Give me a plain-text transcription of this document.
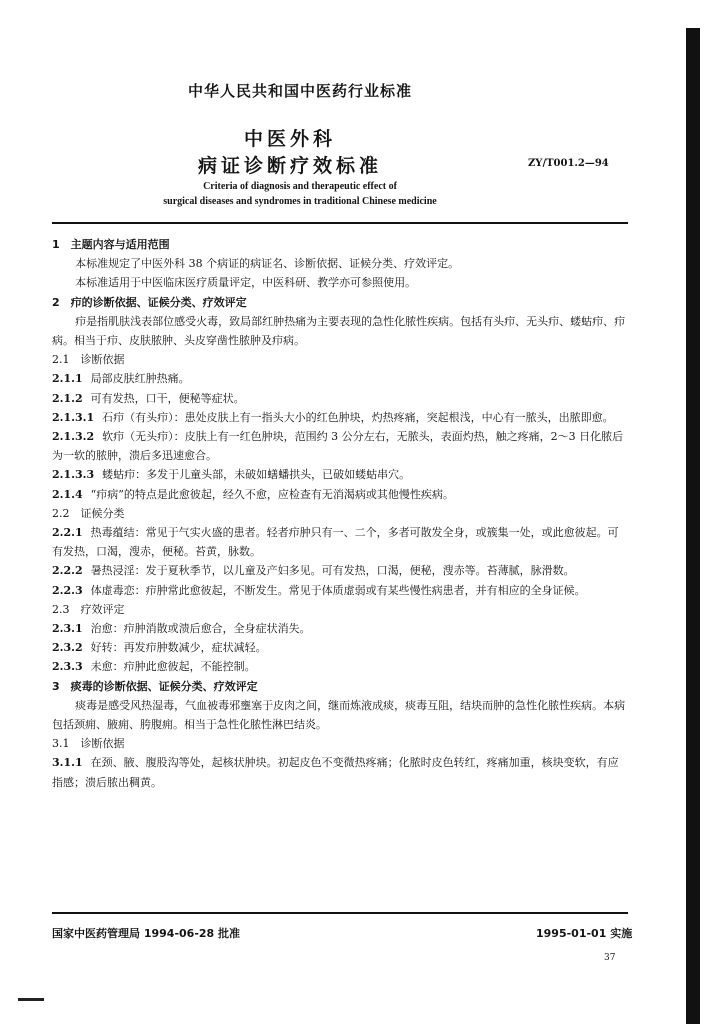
中华人民共和国中医药行业标准
中医外科
病证诊断疗效标准	ZY/T001.2—94
Criteria of diagnosis and therapeutic effect of
surgical diseases and syndromes in traditional Chinese medicine

1　主题内容与适用范围

本标准规定了中医外科 38 个病证的病证名、诊断依据、证候分类、疗效评定。

本标准适用于中医临床医疗质量评定，中医科研、教学亦可参照使用。

2　疖的诊断依据、证候分类、疗效评定

疖是指肌肤浅表部位感受火毒，致局部红肿热痛为主要表现的急性化脓性疾病。包括有头疖、无头疖、蝼蛄疖、疖病。相当于疖、皮肤脓肿、头皮穿凿性脓肿及疖病。

2.1　诊断依据

2.1.1 局部皮肤红肿热痛。

2.1.2 可有发热，口干，便秘等症状。

2.1.3.1 石疖（有头疖）：患处皮肤上有一指头大小的红色肿块，灼热疼痛，突起根浅，中心有一脓头，出脓即愈。

2.1.3.2 软疖（无头疖）：皮肤上有一红色肿块，范围约 3 公分左右，无脓头，表面灼热，触之疼痛，2～3 日化脓后为一软的脓肿，溃后多迅速愈合。

2.1.3.3 蝼蛄疖：多发于儿童头部，未破如蟮蟠拱头，已破如蝼蛄串穴。

2.1.4 “疖病”的特点是此愈彼起，经久不愈，应检查有无消渴病或其他慢性疾病。

2.2　证候分类

2.2.1 热毒蕴结：常见于气实火盛的患者。轻者疖肿只有一、二个，多者可散发全身，或簇集一处，或此愈彼起。可有发热，口渴，溲赤，便秘。苔黄，脉数。

2.2.2 暑热浸淫：发于夏秋季节，以儿童及产妇多见。可有发热，口渴，便秘，溲赤等。苔薄腻，脉滑数。

2.2.3 体虚毒恋：疖肿常此愈彼起，不断发生。常见于体质虚弱或有某些慢性病患者，并有相应的全身证候。

2.3　疗效评定

2.3.1 治愈：疖肿消散或溃后愈合，全身症状消失。

2.3.2 好转：再发疖肿数减少，症状减轻。

2.3.3 未愈：疖肿此愈彼起，不能控制。

3　痰毒的诊断依据、证候分类、疗效评定

痰毒是感受风热湿毒，气血被毒邪壅塞于皮肉之间，继而炼液成痰，痰毒互阻，结块而肿的急性化脓性疾病。本病包括颈痈、腋痈、胯腹痈。相当于急性化脓性淋巴结炎。

3.1　诊断依据

3.1.1 在颈、腋、腹股沟等处，起核状肿块。初起皮色不变微热疼痛；化脓时皮色转红，疼痛加重，核块变软，有应指感；溃后脓出稠黄。

国家中医药管理局 1994-06-28 批准	1995-01-01 实施
37
